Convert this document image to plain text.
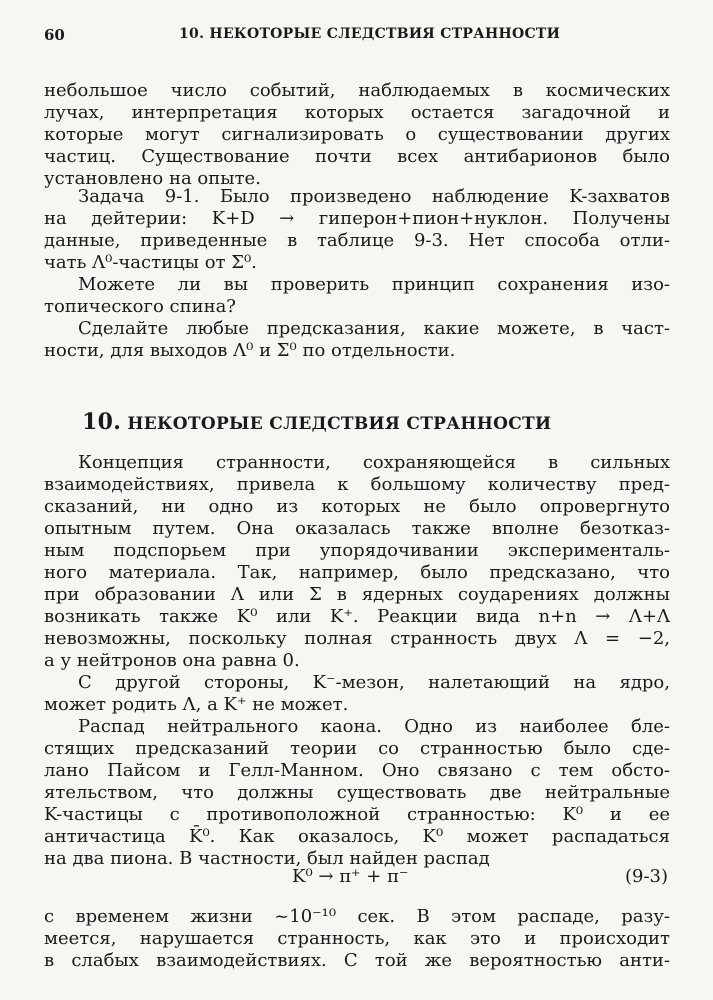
60	10. НЕКОТОРЫЕ СЛЕДСТВИЯ СТРАННОСТИ
небольшое число событий, наблюдаемых в космических
лучах, интерпретация которых остается загадочной и
которые могут сигнализировать о существовании других
частиц. Существование почти всех антибарионов было
установлено на опыте.
Задача 9-1. Было произведено наблюдение K-захватов
на дейтерии: K+D → гиперон+пион+нуклон. Получены
данные, приведенные в таблице 9-3. Нет способа отли-
чать Λ⁰-частицы от Σ⁰.
Можете ли вы проверить принцип сохранения изо-
топического спина?
Сделайте любые предсказания, какие можете, в част-
ности, для выходов Λ⁰ и Σ⁰ по отдельности.
10. НЕКОТОРЫЕ СЛЕДСТВИЯ СТРАННОСТИ
Концепция странности, сохраняющейся в сильных
взаимодействиях, привела к большому количеству пред-
сказаний, ни одно из которых не было опровергнуто
опытным путем. Она оказалась также вполне безотказ-
ным подспорьем при упорядочивании эксперименталь-
ного материала. Так, например, было предсказано, что
при образовании Λ или Σ в ядерных соударениях должны
возникать также K⁰ или K⁺. Реакции вида n+n → Λ+Λ
невозможны, поскольку полная странность двух Λ = −2,
а у нейтронов она равна 0.
С другой стороны, K⁻-мезон, налетающий на ядро,
может родить Λ, а K⁺ не может.
Распад нейтрального каона. Одно из наиболее бле-
стящих предсказаний теории со странностью было сде-
лано Пайсом и Гелл-Манном. Оно связано с тем обсто-
ятельством, что должны существовать две нейтральные
K-частицы с противоположной странностью: K⁰ и ее
античастица K̄⁰. Как оказалось, K⁰ может распадаться
на два пиона. В частности, был найден распад
K⁰ → π⁺ + π⁻	(9-3)
с временем жизни ~10⁻¹⁰ сек. В этом распаде, разу-
меется, нарушается странность, как это и происходит
в слабых взаимодействиях. С той же вероятностью анти-
